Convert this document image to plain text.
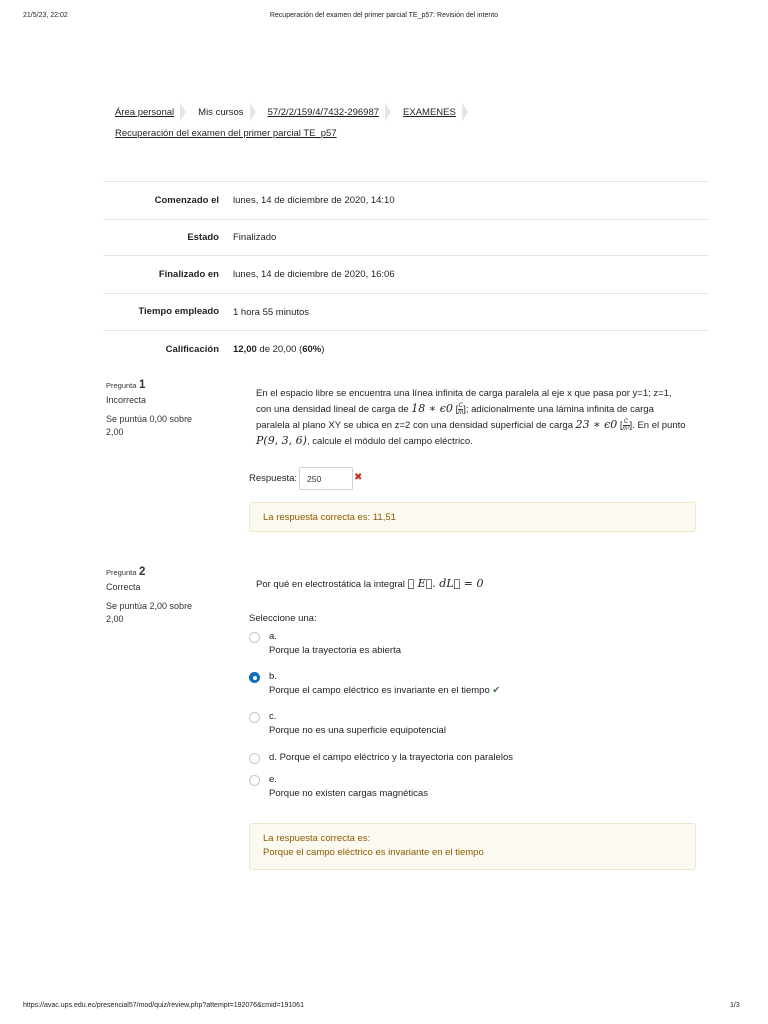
21/5/23, 22:02	Recuperación del examen del primer parcial TE_p57: Revisión del intento
Área personal	Mis cursos	57/2/2/159/4/7432-296987	EXAMENES
Recuperación del examen del primer parcial TE_p57
Comenzado el	lunes, 14 de diciembre de 2020, 14:10
Estado	Finalizado
Finalizado en	lunes, 14 de diciembre de 2020, 16:06
Tiempo empleado	1 hora 55 minutos
Calificación	12,00 de 20,00 (60%)
Pregunta 1
Incorrecta
Se puntúa 0,00 sobre 2,00
En el espacio libre se encuentra una línea infinita de carga paralela al eje x que pasa por y=1; z=1,
con una densidad lineal de carga de 18 ∗ ϵ0 [ $\frac{C}{m}$ ]; adicionalmente una lámina infinita de carga
paralela al plano XY se ubica en z=2 con una densidad superficial de carga 23 ∗ ϵ0 [ $\frac{C}{\text{m²}}$ ]. En el punto
P(9, 3, 6), calcule el módulo del campo eléctrico.
Respuesta:	250	✖
La respuesta correcta es: 11,51
Pregunta 2
Correcta
Se puntúa 2,00 sobre 2,00
Por qué en electrostática la integral ∮ E⃗. dL⃗ = 0
Seleccione una:
a.
Porque la trayectoria es abierta
b.
Porque el campo eléctrico es invariante en el tiempo ✔
c.
Porque no es una superficie equipotencial
d. Porque el campo eléctrico y la trayectoria con paralelos
e.
Porque no existen cargas magnéticas
La respuesta correcta es:
Porque el campo eléctrico es invariante en el tiempo
https://avac.ups.edu.ec/presencial57/mod/quiz/review.php?attempt=192076&cmid=191061	1/3
